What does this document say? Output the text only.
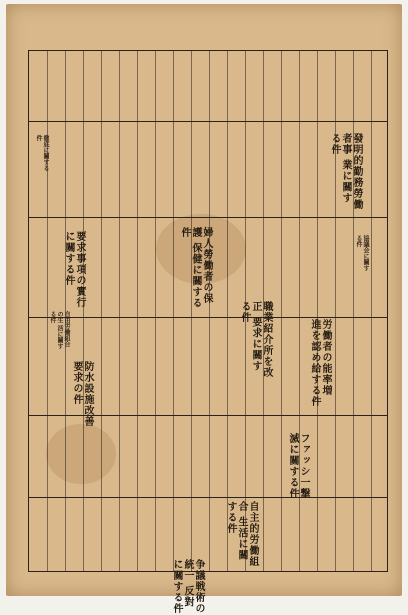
發明的勤務勞働者事 業に關する件
婦人勞働者の保護 保健に關する件
職業紹介所を改正 要求に關する件
労働者の能率増 進を認め給する件
要求事項の實行 に關する件
防水設施改善 要求の件
ファッシ一撃 滅に關する件
自主的労働組合 生活に關する件
争議戦術の統一 反對に關する件
自由労働組合の生 活に關する件
徹底に關する件
協議会に關する件
